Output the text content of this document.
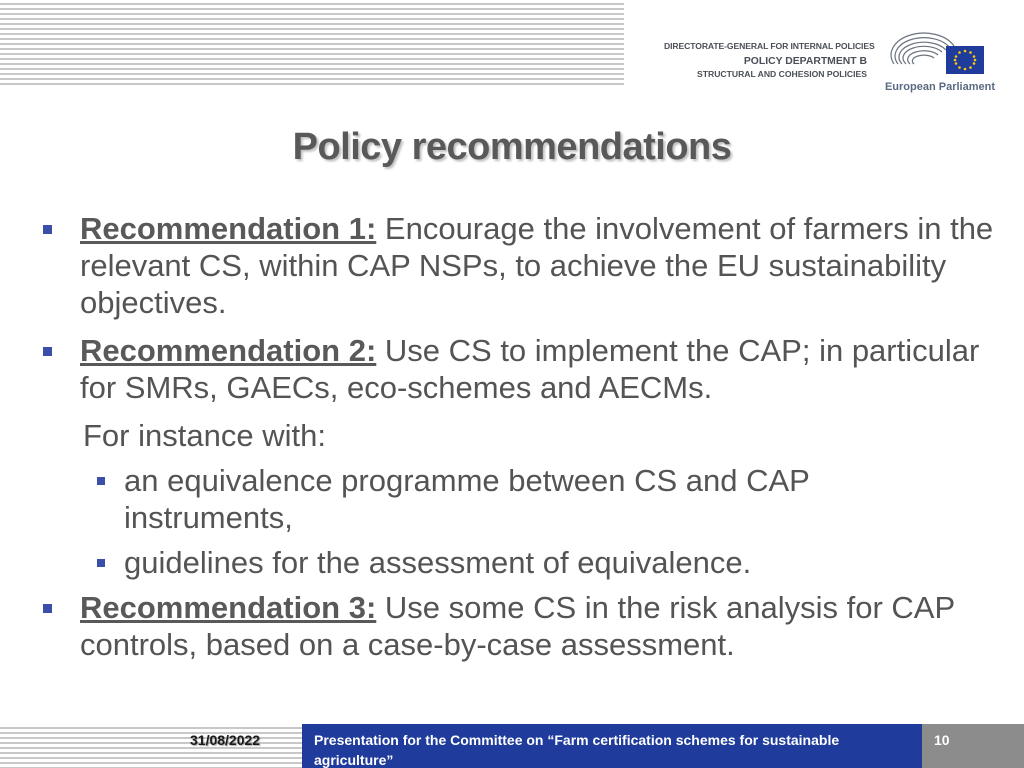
DIRECTORATE-GENERAL FOR INTERNAL POLICIES
POLICY DEPARTMENT B
STRUCTURAL AND COHESION POLICIES
European Parliament
Policy recommendations
Recommendation 1: Encourage the involvement of farmers in the relevant CS, within CAP NSPs, to achieve the EU sustainability objectives.
Recommendation 2: Use CS to implement the CAP; in particular for SMRs, GAECs, eco-schemes and AECMs.
For instance with:
an equivalence programme between CS and CAP instruments,
guidelines for the assessment of equivalence.
Recommendation 3: Use some CS in the risk analysis for CAP controls, based on a case-by-case assessment.
31/08/2022	Presentation for the Committee on “Farm certification schemes for sustainable agriculture”
10
